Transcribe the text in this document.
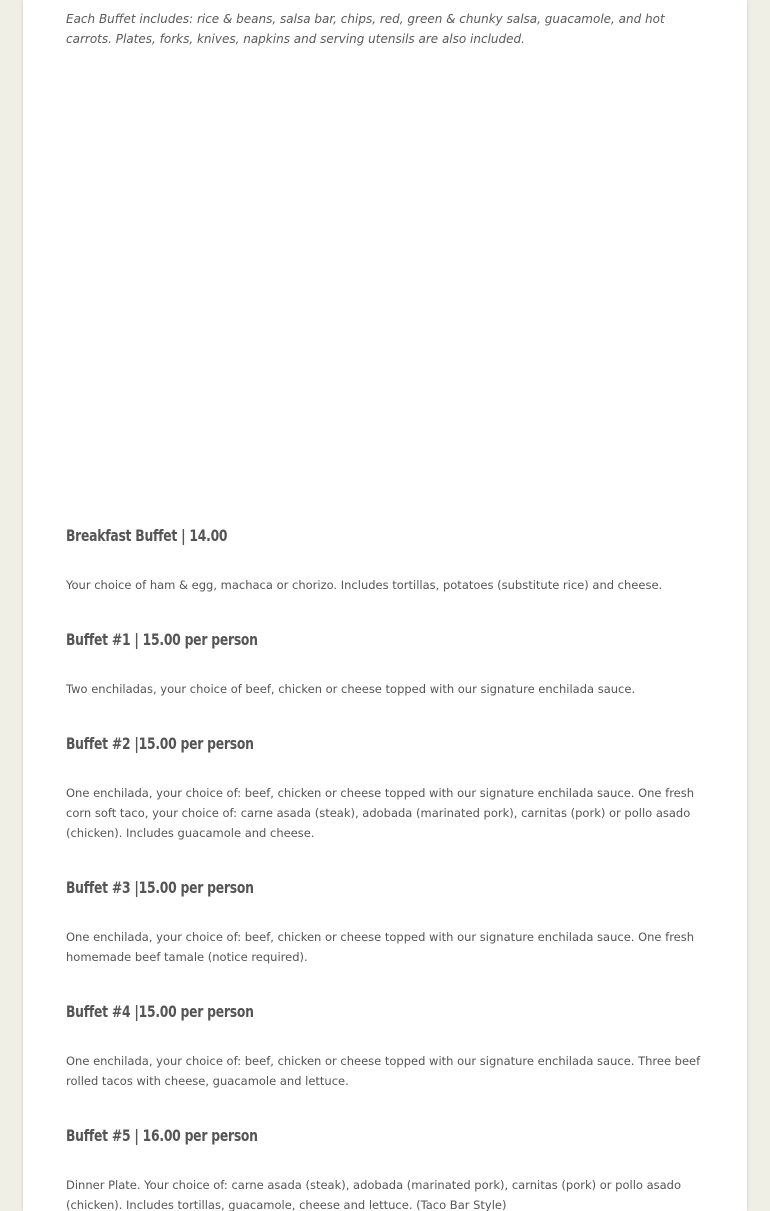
Each Buffet includes: rice & beans, salsa bar, chips, red, green & chunky salsa, guacamole, and hot carrots. Plates, forks, knives, napkins and serving utensils are also included.

Breakfast Buffet | 14.00

Your choice of ham & egg, machaca or chorizo. Includes tortillas, potatoes (substitute rice) and cheese.

Buffet #1 | 15.00 per person

Two enchiladas, your choice of beef, chicken or cheese topped with our signature enchilada sauce.

Buffet #2 |15.00 per person

One enchilada, your choice of: beef, chicken or cheese topped with our signature enchilada sauce. One fresh corn soft taco, your choice of: carne asada (steak), adobada (marinated pork), carnitas (pork) or pollo asado (chicken). Includes guacamole and cheese.

Buffet #3 |15.00 per person

One enchilada, your choice of: beef, chicken or cheese topped with our signature enchilada sauce. One fresh homemade beef tamale (notice required).

Buffet #4 |15.00 per person

One enchilada, your choice of: beef, chicken or cheese topped with our signature enchilada sauce. Three beef rolled tacos with cheese, guacamole and lettuce.

Buffet #5 | 16.00 per person

Dinner Plate. Your choice of: carne asada (steak), adobada (marinated pork), carnitas (pork) or pollo asado (chicken). Includes tortillas, guacamole, cheese and lettuce. (Taco Bar Style)
